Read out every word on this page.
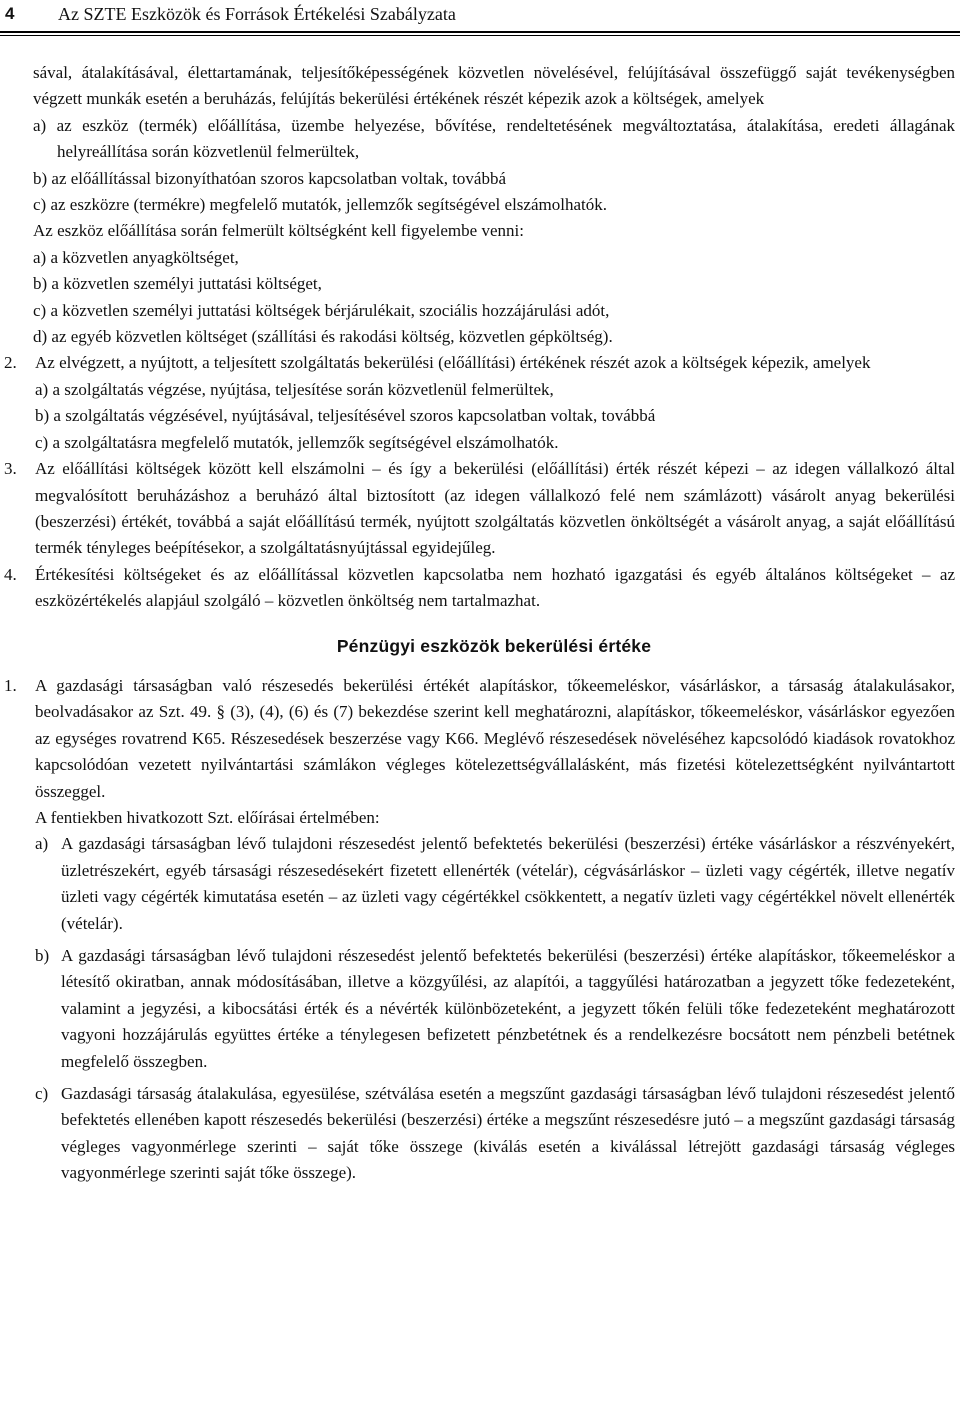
4 Az SZTE Eszközök és Források Értékelési Szabályzata
sával, átalakításával, élettartamának, teljesítőképességének közvetlen növelésével, felújításával összefüggő saját tevékenységben végzett munkák esetén a beruházás, felújítás bekerülési értékének részét képezik azok a költségek, amelyek
a) az eszköz (termék) előállítása, üzembe helyezése, bővítése, rendeltetésének megváltoztatása, átalakítása, eredeti állagának helyreállítása során közvetlenül felmerültek,
b) az előállítással bizonyíthatóan szoros kapcsolatban voltak, továbbá
c) az eszközre (termékre) megfelelő mutatók, jellemzők segítségével elszámolhatók.
Az eszköz előállítása során felmerült költségként kell figyelembe venni:
a) a közvetlen anyagköltséget,
b) a közvetlen személyi juttatási költséget,
c) a közvetlen személyi juttatási költségek bérjárulékait, szociális hozzájárulási adót,
d) az egyéb közvetlen költséget (szállítási és rakodási költség, közvetlen gépköltség).
2.	Az elvégzett, a nyújtott, a teljesített szolgáltatás bekerülési (előállítási) értékének részét azok a költségek képezik, amelyek
a) a szolgáltatás végzése, nyújtása, teljesítése során közvetlenül felmerültek,
b) a szolgáltatás végzésével, nyújtásával, teljesítésével szoros kapcsolatban voltak, továbbá
c) a szolgáltatásra megfelelő mutatók, jellemzők segítségével elszámolhatók.
3.	Az előállítási költségek között kell elszámolni – és így a bekerülési (előállítási) érték részét képezi – az idegen vállalkozó által megvalósított beruházáshoz a beruházó által biztosított (az idegen vállalkozó felé nem számlázott) vásárolt anyag bekerülési (beszerzési) értékét, továbbá a saját előállítású termék, nyújtott szolgáltatás közvetlen önköltségét a vásárolt anyag, a saját előállítású termék tényleges beépítésekor, a szolgáltatásnyújtással egyidejűleg.
4.	Értékesítési költségeket és az előállítással közvetlen kapcsolatba nem hozható igazgatási és egyéb általános költségeket – az eszközértékelés alapjául szolgáló – közvetlen önköltség nem tartalmazhat.
Pénzügyi eszközök bekerülési értéke
1.	A gazdasági társaságban való részesedés bekerülési értékét alapításkor, tőkeemeléskor, vásárláskor, a társaság átalakulásakor, beolvadásakor az Szt. 49. § (3), (4), (6) és (7) bekezdése szerint kell meghatározni, alapításkor, tőkeemeléskor, vásárláskor egyezően az egységes rovatrend K65. Részesedések beszerzése vagy K66. Meglévő részesedések növeléséhez kapcsolódó kiadások rovatokhoz kapcsolódóan vezetett nyilvántartási számlákon végleges kötelezettségvállalásként, más fizetési kötelezettségként nyilvántartott összeggel.
A fentiekben hivatkozott Szt. előírásai értelmében:
a) A gazdasági társaságban lévő tulajdoni részesedést jelentő befektetés bekerülési (beszerzési) értéke vásárláskor a részvényekért, üzletrészekért, egyéb társasági részesedésekért fizetett ellenérték (vételár), cégvásárláskor – üzleti vagy cégérték, illetve negatív üzleti vagy cégérték kimutatása esetén – az üzleti vagy cégértékkel csökkentett, a negatív üzleti vagy cégértékkel növelt ellenérték (vételár).
b) A gazdasági társaságban lévő tulajdoni részesedést jelentő befektetés bekerülési (beszerzési) értéke alapításkor, tőkeemeléskor a létesítő okiratban, annak módosításában, illetve a közgyűlési, az alapítói, a taggyűlési határozatban a jegyzett tőke fedezeteként, valamint a jegyzési, a kibocsátási érték és a névérték különbözeteként, a jegyzett tőkén felüli tőke fedezeteként meghatározott vagyoni hozzájárulás együttes értéke a ténylegesen befizetett pénzbetétnek és a rendelkezésre bocsátott nem pénzbeli betétnek megfelelő összegben.
c) Gazdasági társaság átalakulása, egyesülése, szétválása esetén a megszűnt gazdasági társaságban lévő tulajdoni részesedést jelentő befektetés ellenében kapott részesedés bekerülési (beszerzési) értéke a megszűnt részesedésre jutó – a megszűnt gazdasági társaság végleges vagyonmérlege szerinti – saját tőke összege (kiválás esetén a kiválással létrejött gazdasági társaság végleges vagyonmérlege szerinti saját tőke összege).
